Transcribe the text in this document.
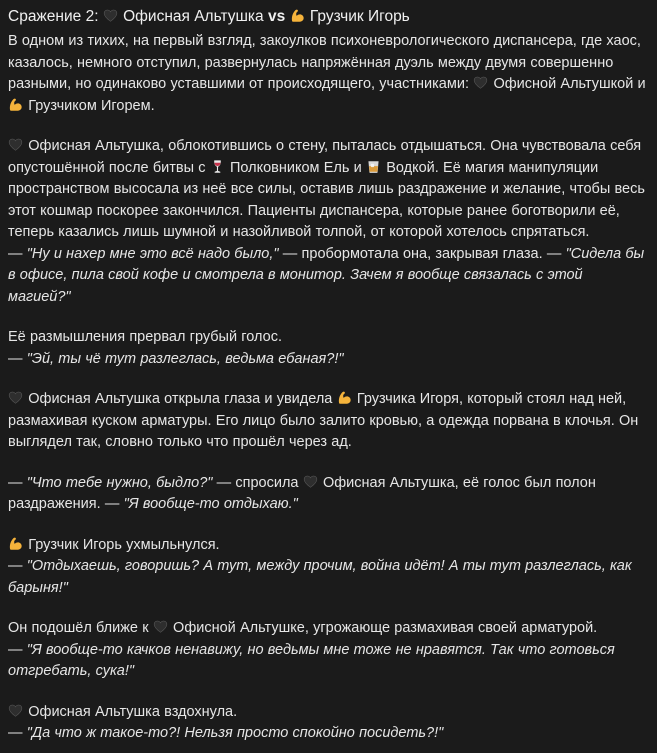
Сражение 2: Офисная Альтушка vs Грузчик Игорь

В одном из тихих, на первый взгляд, закоулков психоневрологического диспансера, где хаос, казалось, немного отступил, развернулась напряжённая дуэль между двумя совершенно разными, но одинаково уставшими от происходящего, участниками: Офисной Альтушкой и  Грузчиком Игорем.

Офисная Альтушка, облокотившись о стену, пыталась отдышаться. Она чувствовала себя опустошённой после битвы с Полковником Ель и Водкой. Её магия манипуляции пространством высосала из неё все силы, оставив лишь раздражение и желание, чтобы весь этот кошмар поскорее закончился. Пациенты диспансера, которые ранее боготворили её, теперь казались лишь шумной и назойливой толпой, от которой хотелось спрятаться.
— "Ну и нахер мне это всё надо было," — пробормотала она, закрывая глаза. — "Сидела бы в офисе, пила свой кофе и смотрела в монитор. Зачем я вообще связалась с этой магией?"

Её размышления прервал грубый голос.
— "Эй, ты чё тут разлеглась, ведьма ебаная?!"

Офисная Альтушка открыла глаза и увидела Грузчика Игоря, который стоял над ней, размахивая куском арматуры. Его лицо было залито кровью, а одежда порвана в клочья. Он выглядел так, словно только что прошёл через ад.

— "Что тебе нужно, быдло?" — спросила Офисная Альтушка, её голос был полон раздражения. — "Я вообще-то отдыхаю."

Грузчик Игорь ухмыльнулся.
— "Отдыхаешь, говоришь? А тут, между прочим, война идёт! А ты тут разлеглась, как барыня!"

Он подошёл ближе к Офисной Альтушке, угрожающе размахивая своей арматурой.
— "Я вообще-то качков ненавижу, но ведьмы мне тоже не нравятся. Так что готовься отгребать, сука!"

Офисная Альтушка вздохнула.
— "Да что ж такое-то?! Нельзя просто спокойно посидеть?!"
